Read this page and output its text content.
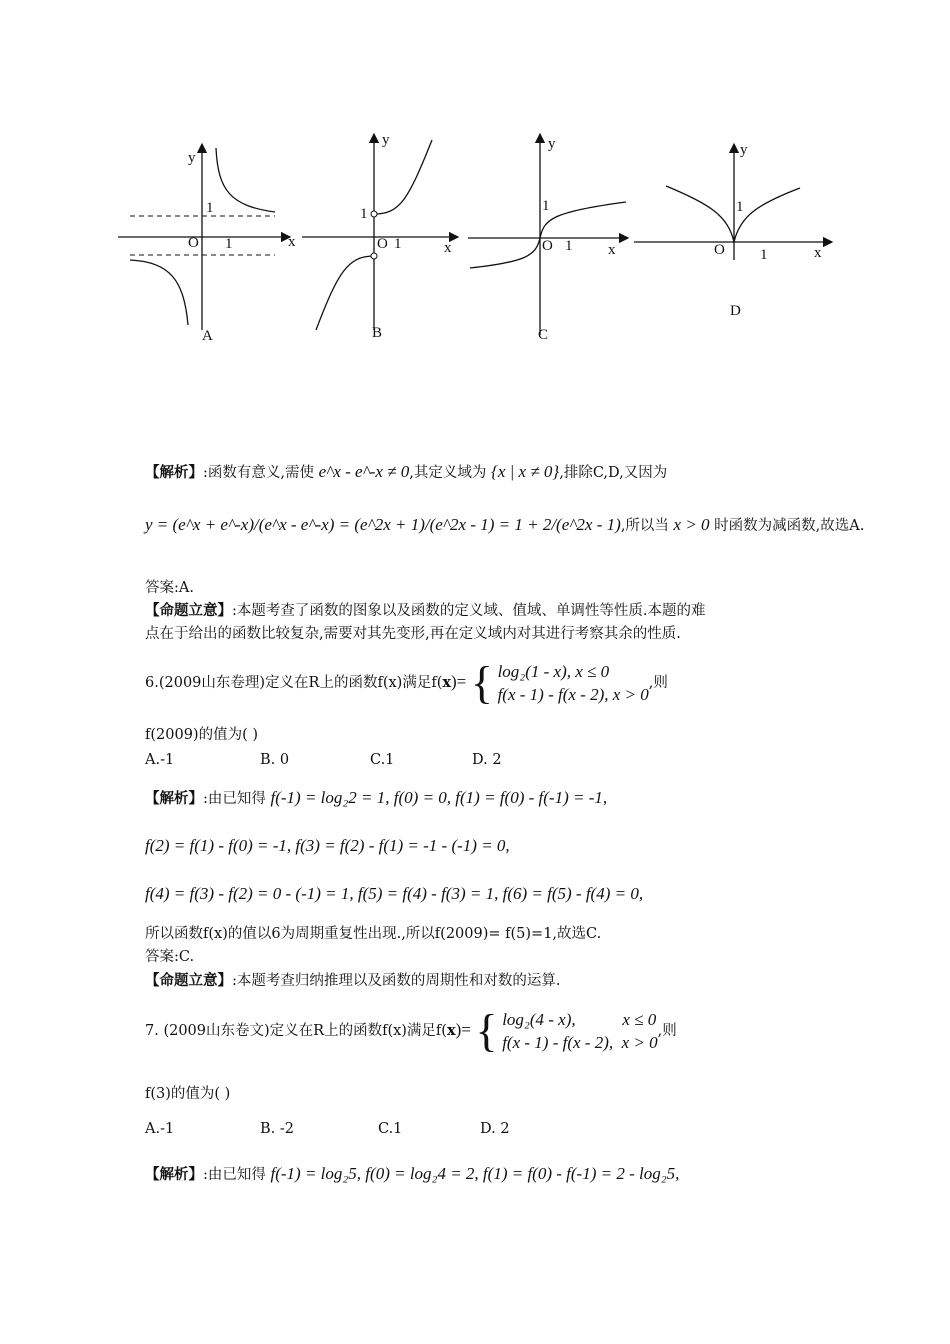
y
1
O 1	x
A
y
1
O 1	x
B
y
1
O 1 x
C
y
1
O 1	x
D
【解析】:函数有意义,需使 e^x - e^-x ≠ 0,其定义域为 {x | x ≠ 0},排除C,D,又因为
y = (e^x + e^-x)/(e^x - e^-x) = (e^2x + 1)/(e^2x - 1) = 1 + 2/(e^2x - 1),所以当 x > 0 时函数为减函数,故选A.
答案:A.
【命题立意】:本题考查了函数的图象以及函数的定义域、值域、单调性等性质.本题的难
点在于给出的函数比较复杂,需要对其先变形,再在定义域内对其进行考察其余的性质.
6.(2009山东卷理)定义在R上的函数f(x)满足f(x)= { log₂(1 - x), x ≤ 0
f(x - 1) - f(x - 2), x > 0
,则
f(2009)的值为( )
A.-1	B. 0	C.1	D. 2
【解析】:由已知得 f(-1) = log₂2 = 1, f(0) = 0, f(1) = f(0) - f(-1) = -1,
f(2) = f(1) - f(0) = -1, f(3) = f(2) - f(1) = -1 - (-1) = 0,
f(4) = f(3) - f(2) = 0 - (-1) = 1, f(5) = f(4) - f(3) = 1, f(6) = f(5) - f(4) = 0,
所以函数f(x)的值以6为周期重复性出现.,所以f(2009)= f(5)=1,故选C.
答案:C.
【命题立意】:本题考查归纳推理以及函数的周期性和对数的运算.
7. (2009山东卷文)定义在R上的函数f(x)满足f(x)= { log₂(4 - x),           x ≤ 0
f(x - 1) - f(x - 2),  x > 0
,则
f(3)的值为( )
A.-1	B. -2	C.1	D. 2
【解析】:由已知得 f(-1) = log₂5, f(0) = log₂4 = 2, f(1) = f(0) - f(-1) = 2 - log₂5,
